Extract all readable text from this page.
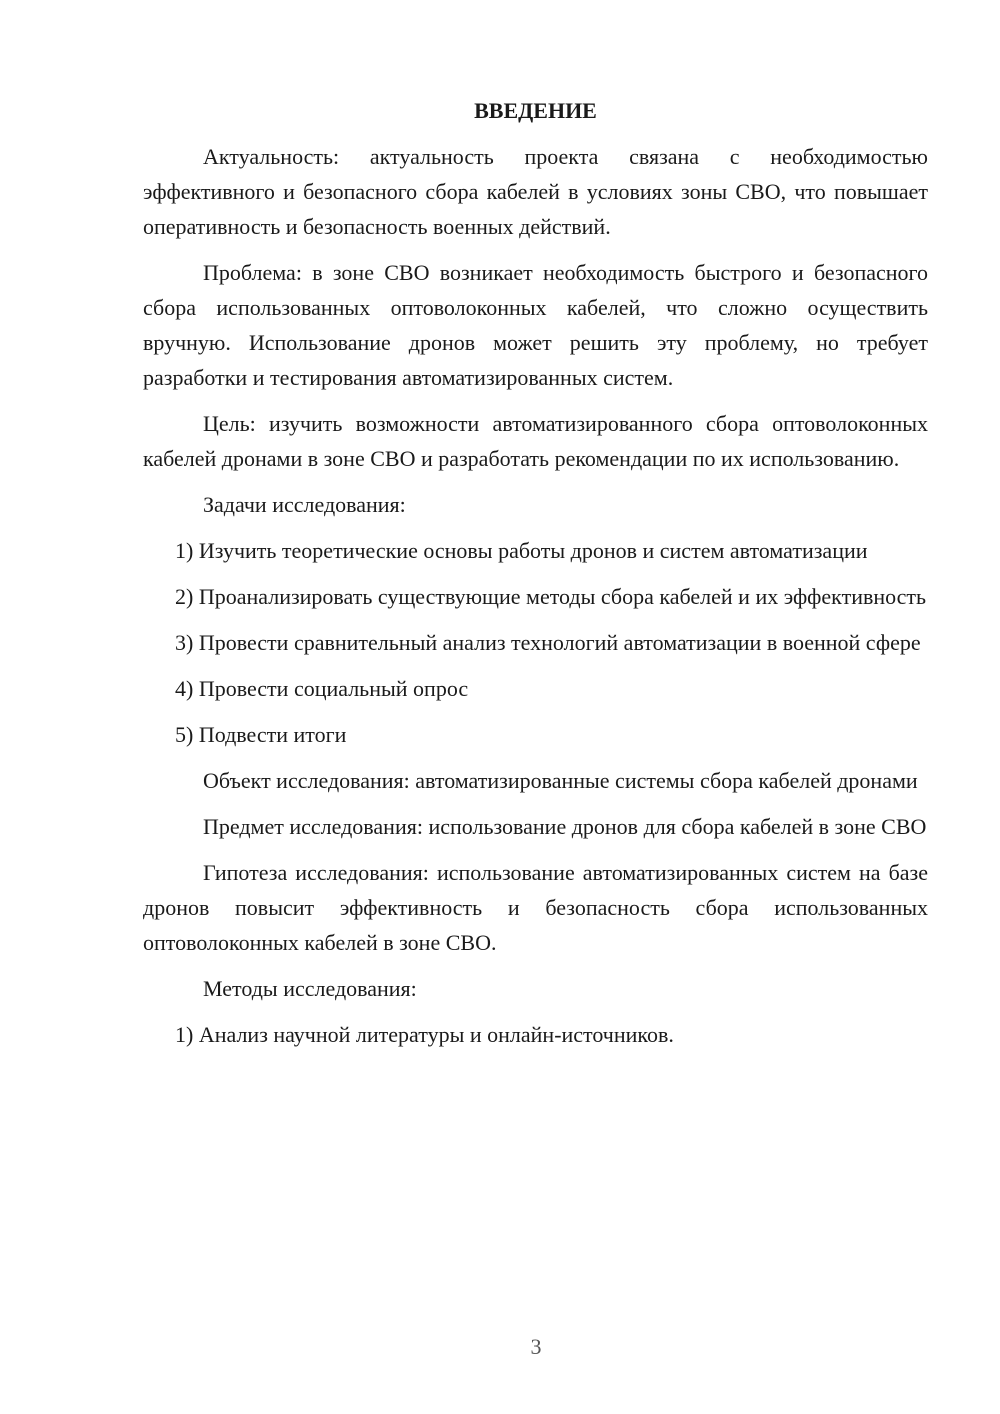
ВВЕДЕНИЕ

Актуальность: актуальность проекта связана с необходимостью эффективного и безопасного сбора кабелей в условиях зоны СВО, что повышает оперативность и безопасность военных действий.

Проблема: в зоне СВО возникает необходимость быстрого и безопасного сбора использованных оптоволоконных кабелей, что сложно осуществить вручную. Использование дронов может решить эту проблему, но требует разработки и тестирования автоматизированных систем.

Цель: изучить возможности автоматизированного сбора оптоволоконных кабелей дронами в зоне СВО и разработать рекомендации по их использованию.

Задачи исследования:

1) Изучить теоретические основы работы дронов и систем автоматизации

2) Проанализировать существующие методы сбора кабелей и их эффективность

3) Провести сравнительный анализ технологий автоматизации в военной сфере

4) Провести социальный опрос

5) Подвести итоги

Объект исследования: автоматизированные системы сбора кабелей дронами

Предмет исследования: использование дронов для сбора кабелей в зоне СВО

Гипотеза исследования: использование автоматизированных систем на базе дронов повысит эффективность и безопасность сбора использованных оптоволоконных кабелей в зоне СВО.

Методы исследования:

1) Анализ научной литературы и онлайн-источников.

3
